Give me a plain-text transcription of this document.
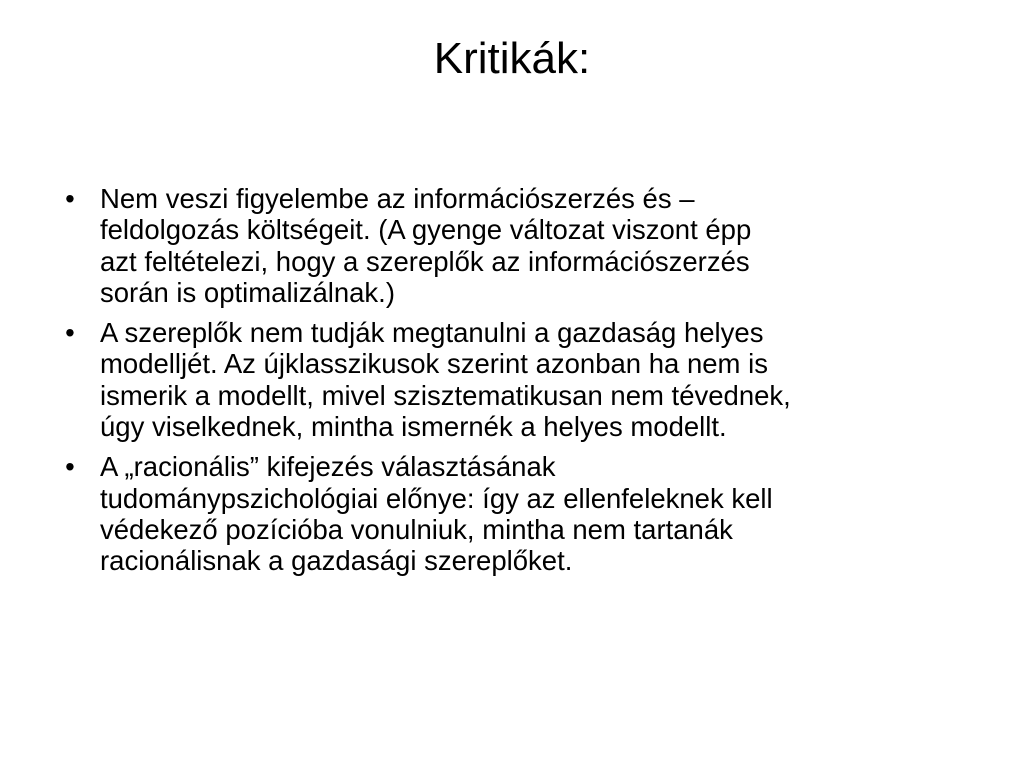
Kritikák:
• Nem veszi figyelembe az információszerzés és –
feldolgozás költségeit. (A gyenge változat viszont épp
azt feltételezi, hogy a szereplők az információszerzés
során is optimalizálnak.)
• A szereplők nem tudják megtanulni a gazdaság helyes
modelljét. Az újklasszikusok szerint azonban ha nem is
ismerik a modellt, mivel szisztematikusan nem tévednek,
úgy viselkednek, mintha ismernék a helyes modellt.
• A „racionális” kifejezés választásának
tudománypszichológiai előnye: így az ellenfeleknek kell
védekező pozícióba vonulniuk, mintha nem tartanák
racionálisnak a gazdasági szereplőket.
